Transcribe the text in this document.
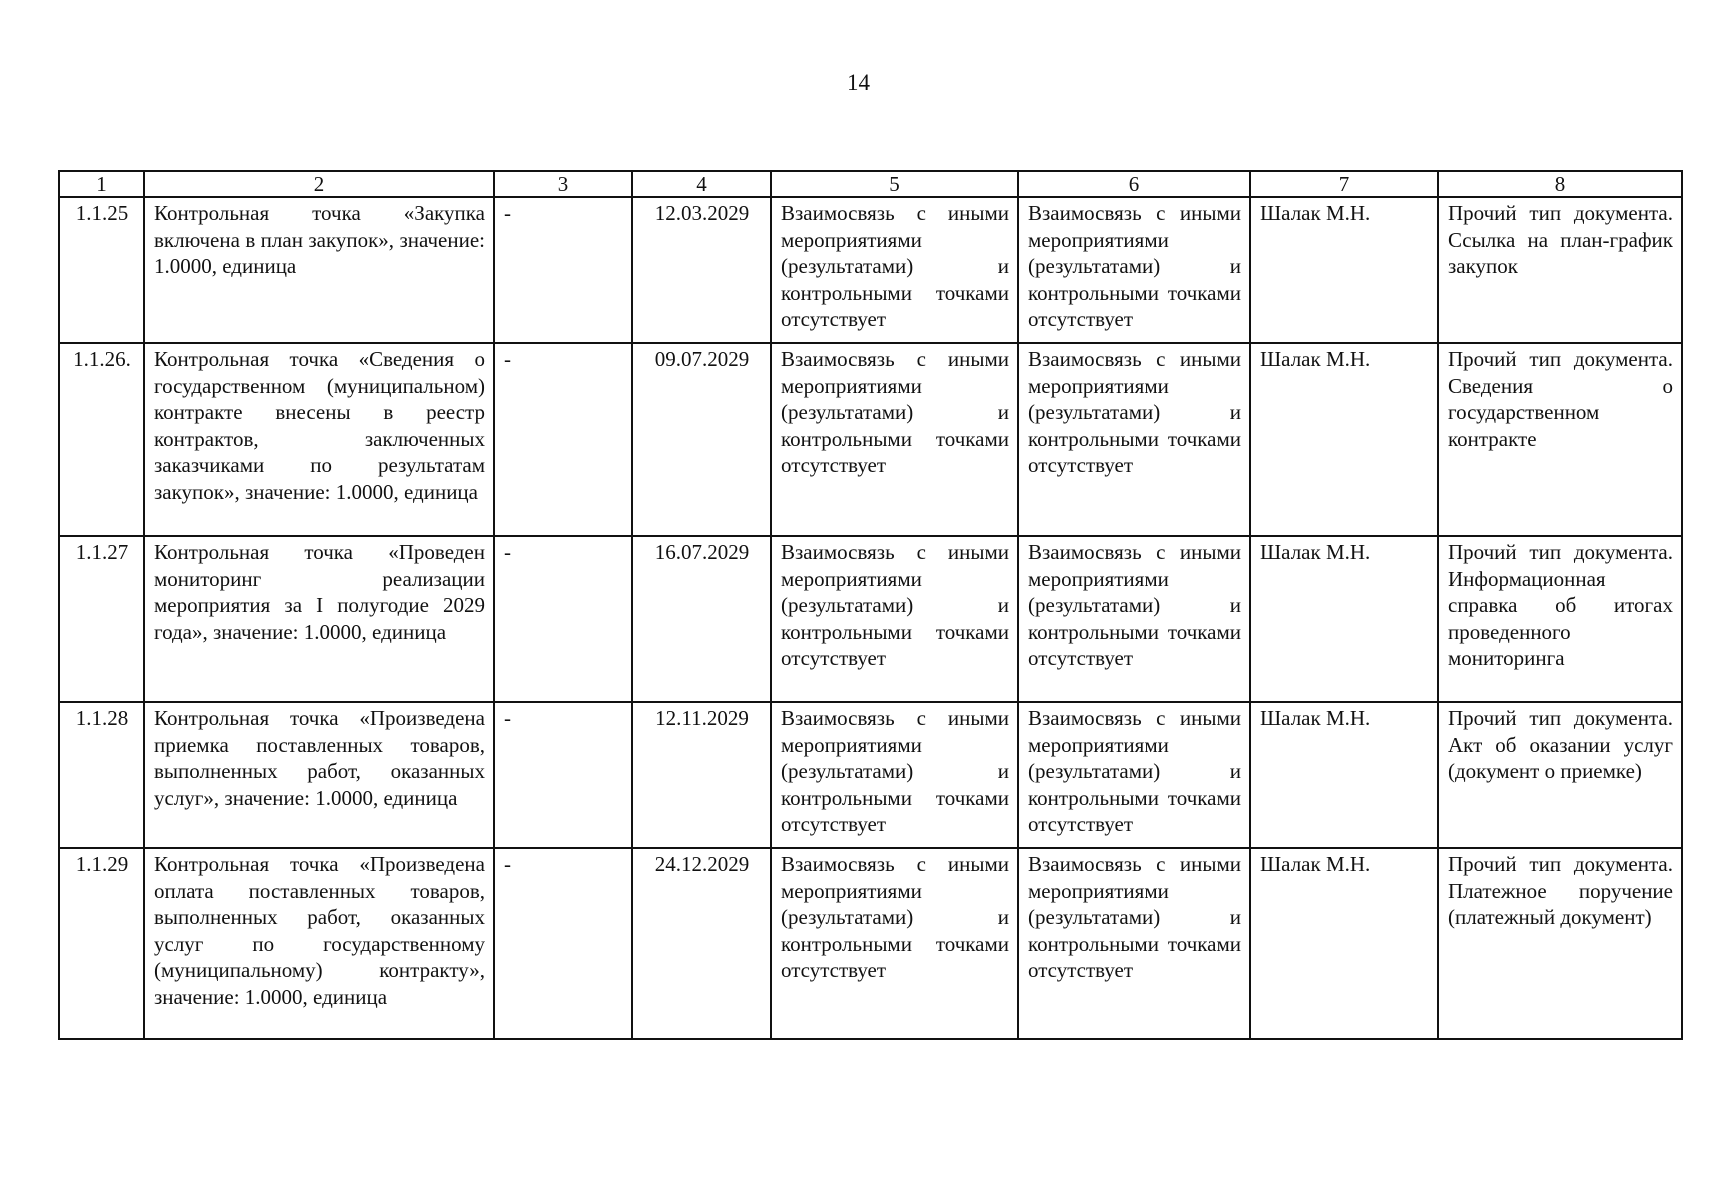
14
1	2	3	4	5	6	7	8
1.1.25	Контрольная точка «Закупка включена в план закупок», значение: 1.0000, единица	-	12.03.2029	Взаимосвязь с иными мероприятиями (результатами) и контрольными точками отсутствует	Взаимосвязь с иными мероприятиями (результатами) и контрольными точками отсутствует	Шалак М.Н.	Прочий тип документа. Ссылка на план-график закупок
1.1.26.	Контрольная точка «Сведения о государственном (муниципальном) контракте внесены в реестр контрактов, заключенных заказчиками по результатам закупок», значение: 1.0000, единица	-	09.07.2029	Взаимосвязь с иными мероприятиями (результатами) и контрольными точками отсутствует	Взаимосвязь с иными мероприятиями (результатами) и контрольными точками отсутствует	Шалак М.Н.	Прочий тип документа. Сведения о государственном контракте
1.1.27	Контрольная точка «Проведен мониторинг реализации мероприятия за I полугодие 2029 года», значение: 1.0000, единица	-	16.07.2029	Взаимосвязь с иными мероприятиями (результатами) и контрольными точками отсутствует	Взаимосвязь с иными мероприятиями (результатами) и контрольными точками отсутствует	Шалак М.Н.	Прочий тип документа. Информационная справка об итогах проведенного мониторинга
1.1.28	Контрольная точка «Произведена приемка поставленных товаров, выполненных работ, оказанных услуг», значение: 1.0000, единица	-	12.11.2029	Взаимосвязь с иными мероприятиями (результатами) и контрольными точками отсутствует	Взаимосвязь с иными мероприятиями (результатами) и контрольными точками отсутствует	Шалак М.Н.	Прочий тип документа. Акт об оказании услуг (документ о приемке)
1.1.29	Контрольная точка «Произведена оплата поставленных товаров, выполненных работ, оказанных услуг по государственному (муниципальному) контракту», значение: 1.0000, единица	-	24.12.2029	Взаимосвязь с иными мероприятиями (результатами) и контрольными точками отсутствует	Взаимосвязь с иными мероприятиями (результатами) и контрольными точками отсутствует	Шалак М.Н.	Прочий тип документа. Платежное поручение (платежный документ)
